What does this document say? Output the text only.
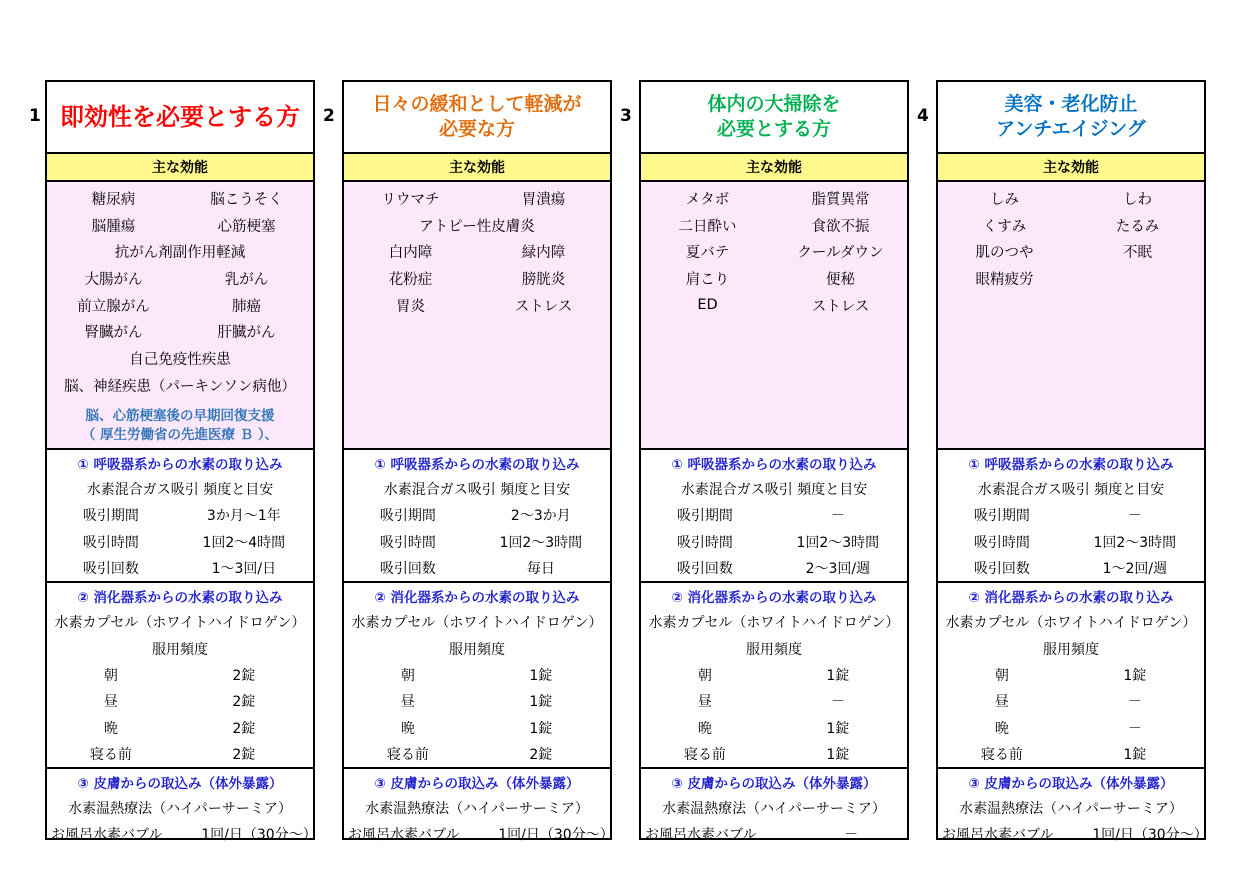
1 即効性を必要とする方
主な効能
糖尿病	脳こうそく
脳腫瘍	心筋梗塞
抗がん剤副作用軽減
大腸がん	乳がん
前立腺がん	肺癌
腎臓がん	肝臓がん
自己免疫性疾患
脳、神経疾患（パーキンソン病他）
脳、心筋梗塞後の早期回復支援
（ 厚生労働省の先進医療 Ｂ ）、
① 呼吸器系からの水素の取り込み
水素混合ガス吸引 頻度と目安
吸引期間	3か月～1年
吸引時間	1回2～4時間
吸引回数	1～3回/日
② 消化器系からの水素の取り込み
水素カプセル（ホワイトハイドロゲン）
服用頻度
朝	2錠
昼	2錠
晩	2錠
寝る前	2錠
③ 皮膚からの取込み（体外暴露）
水素温熱療法（ハイパーサーミア）
お風呂水素バブル	1回/日（30分～）
2
日々の緩和として軽減が
必要な方
主な効能
リウマチ	胃潰瘍
アトピー性皮膚炎
白内障	緑内障
花粉症	膀胱炎
胃炎	ストレス
① 呼吸器系からの水素の取り込み
水素混合ガス吸引 頻度と目安
吸引期間	2～3か月
吸引時間	1回2～3時間
吸引回数	毎日
② 消化器系からの水素の取り込み
水素カプセル（ホワイトハイドロゲン）
服用頻度
朝	1錠
昼	1錠
晩	1錠
寝る前	2錠
③ 皮膚からの取込み（体外暴露）
水素温熱療法（ハイパーサーミア）
お風呂水素バブル	1回/日（30分～）
3
体内の大掃除を
必要とする方
主な効能
メタボ	脂質異常
二日酔い	食欲不振
夏バテ	クールダウン
肩こり	便秘
ED	ストレス
① 呼吸器系からの水素の取り込み
水素混合ガス吸引 頻度と目安
吸引期間	－
吸引時間	1回2～3時間
吸引回数	2～3回/週
② 消化器系からの水素の取り込み
水素カプセル（ホワイトハイドロゲン）
服用頻度
朝	1錠
昼	－
晩	1錠
寝る前	1錠
③ 皮膚からの取込み（体外暴露）
水素温熱療法（ハイパーサーミア）
お風呂水素バブル	－
4
美容・老化防止
アンチエイジング
主な効能
しみ	しわ
くすみ	たるみ
肌のつや	不眠
眼精疲労
① 呼吸器系からの水素の取り込み
水素混合ガス吸引 頻度と目安
吸引期間	－
吸引時間	1回2～3時間
吸引回数	1～2回/週
② 消化器系からの水素の取り込み
水素カプセル（ホワイトハイドロゲン）
服用頻度
朝	1錠
昼	－
晩	－
寝る前	1錠
③ 皮膚からの取込み（体外暴露）
水素温熱療法（ハイパーサーミア）
お風呂水素バブル	1回/日（30分～）
